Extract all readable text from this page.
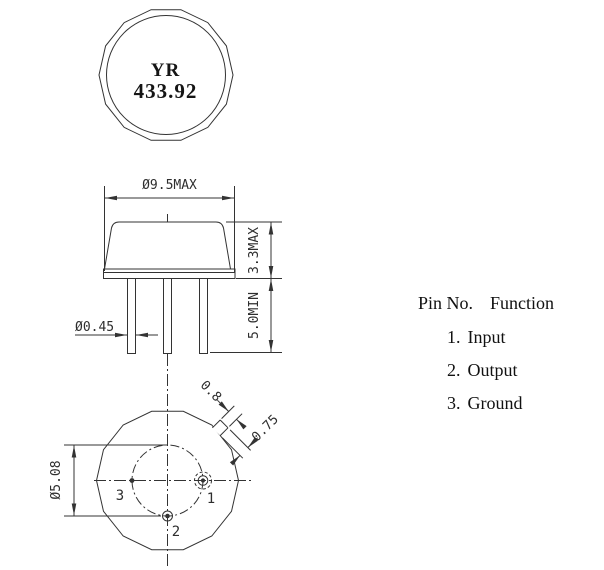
YR
433.92
Ø9.5MAX
3.3MAX
5.0MIN
Ø0.45
1
2
3
Ø5.08
0.8
0.75
Pin No. Function
1. Input
2. Output
3. Ground
